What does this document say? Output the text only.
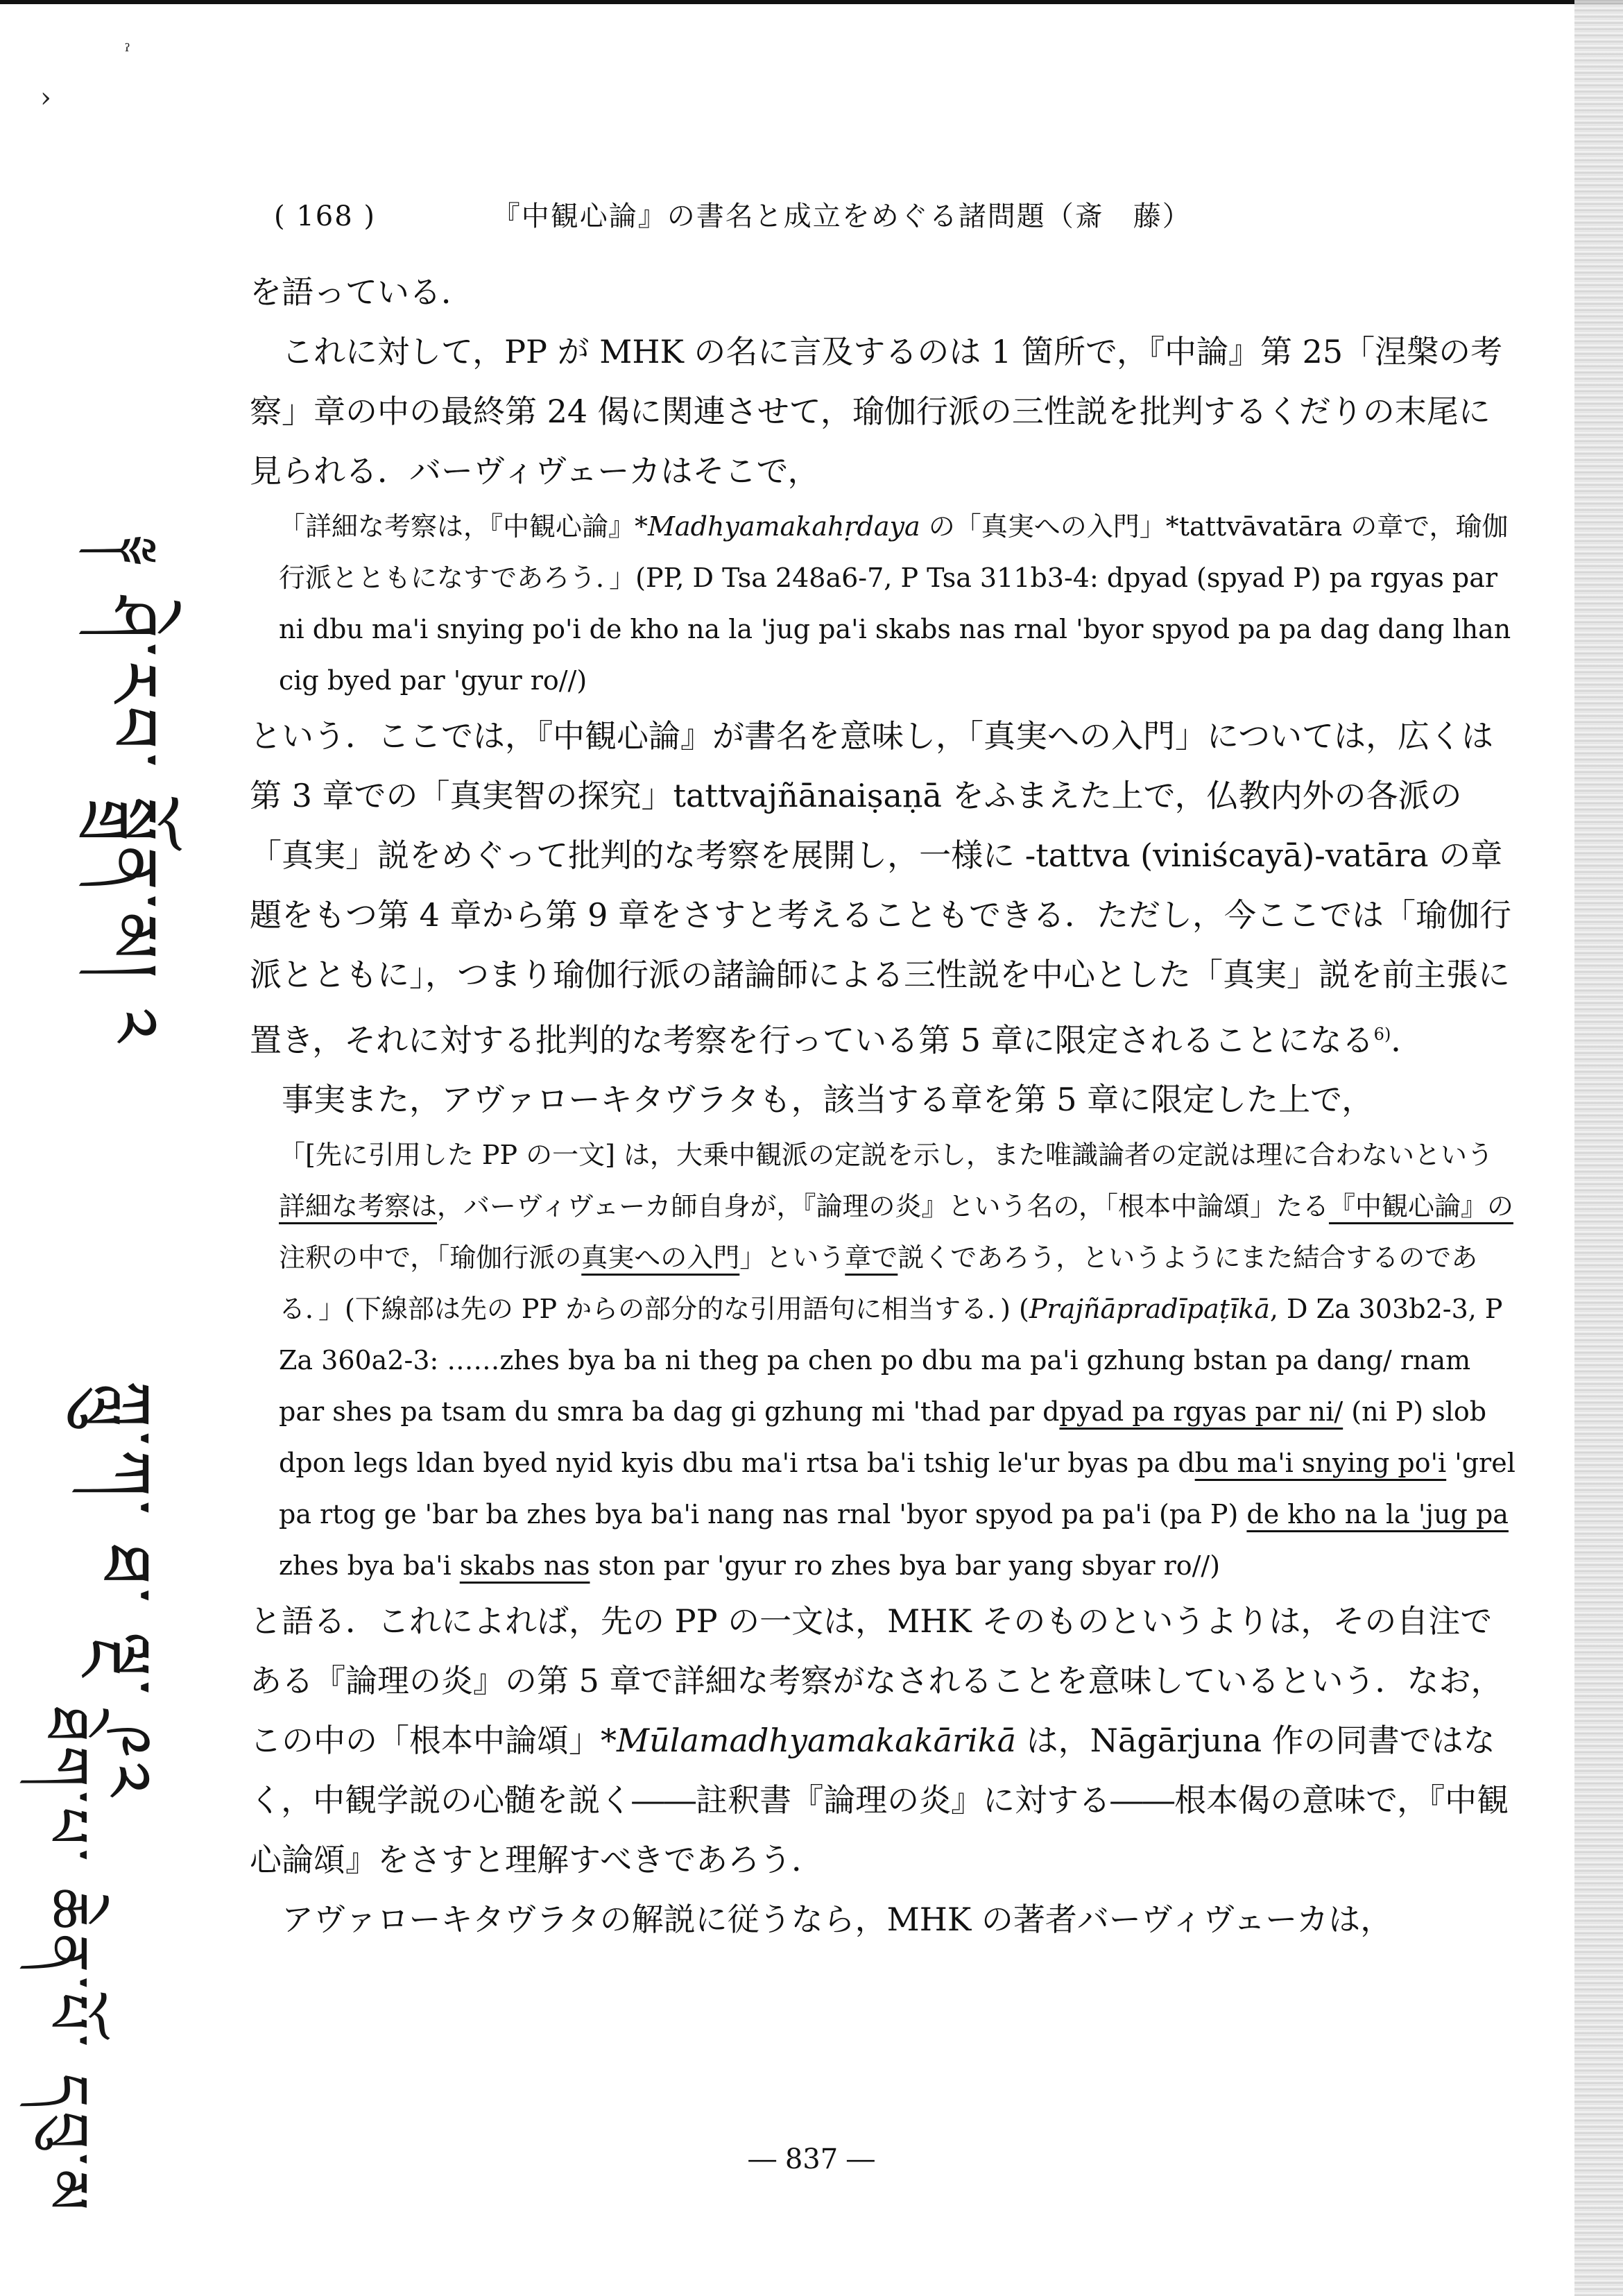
›
ˀ
( 168 )	『中観心論』の書名と成立をめぐる諸問題（斎　藤）

を語っている．

これに対して，PP が MHK の名に言及するのは 1 箇所で，『中論』第 25「涅槃の考察」章の中の最終第 24 偈に関連させて，瑜伽行派の三性説を批判するくだりの末尾に見られる．バーヴィヴェーカはそこで，

「詳細な考察は，『中観心論』*Madhyamakahṛdaya の「真実への入門」*tattvāvatāra の章で，瑜伽行派とともになすであろう．」(PP, D Tsa 248a6-7, P Tsa 311b3-4: dpyad (spyad P) pa rgyas par ni dbu ma'i snying po'i de kho na la 'jug pa'i skabs nas rnal 'byor spyod pa pa dag dang lhan cig byed par 'gyur ro//)

という．ここでは，『中観心論』が書名を意味し，「真実への入門」については，広くは第 3 章での「真実智の探究」tattvajñānaiṣaṇā をふまえた上で，仏教内外の各派の「真実」説をめぐって批判的な考察を展開し，一様に -tattva (viniścayā)-vatāra の章題をもつ第 4 章から第 9 章をさすと考えることもできる．ただし，今ここでは「瑜伽行派とともに」，つまり瑜伽行派の諸論師による三性説を中心とした「真実」説を前主張に置き，それに対する批判的な考察を行っている第 5 章に限定されることになる$^{6)}$．

事実また，アヴァローキタヴラタも，該当する章を第 5 章に限定した上で，

「[先に引用した PP の一文] は，大乗中観派の定説を示し，また唯識論者の定説は理に合わないという詳細な考察は，バーヴィヴェーカ師自身が，『論理の炎』という名の，「根本中論頌」たる『中観心論』の注釈の中で，「瑜伽行派の真実への入門」という章で説くであろう，というようにまた結合するのである．」(下線部は先の PP からの部分的な引用語句に相当する．) (Prajñāpradīpaṭīkā, D Za 303b2-3, P Za 360a2-3: ……zhes bya ba ni theg pa chen po dbu ma pa'i gzhung bstan pa dang/ rnam par shes pa tsam du smra ba dag gi gzhung mi 'thad par dpyad pa rgyas par ni/ (ni P) slob dpon legs ldan byed nyid kyis dbu ma'i rtsa ba'i tshig le'ur byas pa dbu ma'i snying po'i 'grel pa rtog ge 'bar ba zhes bya ba'i nang nas rnal 'byor spyod pa pa'i (pa P) de kho na la 'jug pa zhes bya ba'i skabs nas ston par 'gyur ro zhes bya bar yang sbyar ro//)

と語る．これによれば，先の PP の一文は，MHK そのものというよりは，その自注である『論理の炎』の第 5 章で詳細な考察がなされることを意味しているという．なお，この中の「根本中論頌」*Mūlamadhyamakakārikā は，Nāgārjuna 作の同書ではなく，中観学説の心髄を説く――註釈書『論理の炎』に対する――根本偈の意味で，『中観心論頌』をさすと理解すべきであろう．

アヴァローキタヴラタの解説に従うなら，MHK の著者バーヴィヴェーカは，

༈ ཤེ་རབ་ སྒྲོན་མ། ༢
ཀླུ་ཀ་ ཐ་ ལྔ་ ༩༢
ཐེག་པ་ ཆེན་པོ་ དབུ་མ	― 837 ―
